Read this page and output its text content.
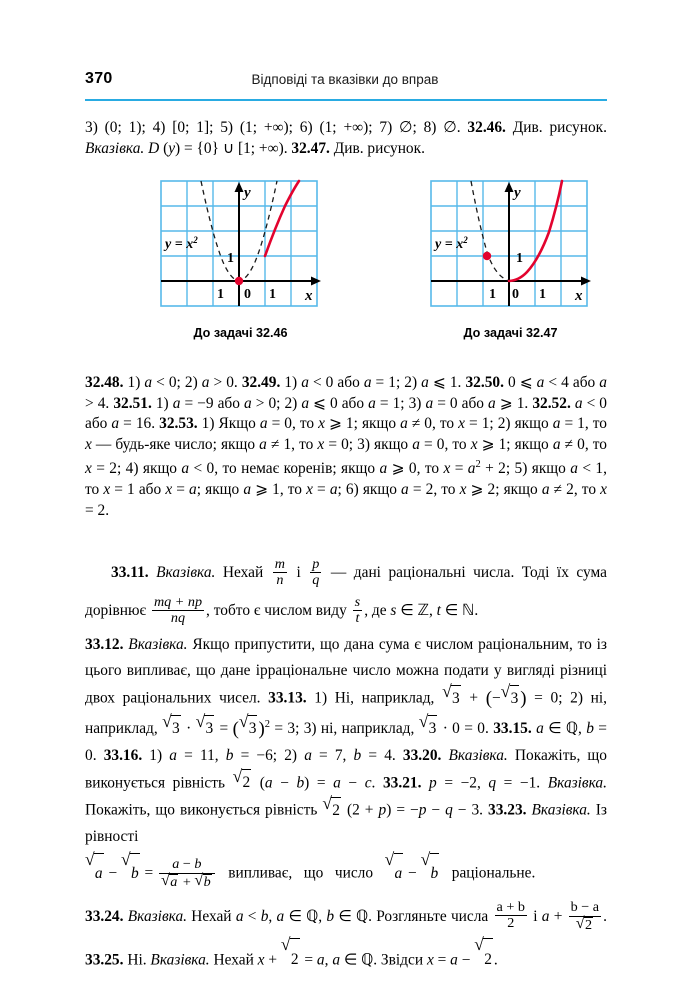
370	Відповіді та вказівки до вправ

3) (0; 1); 4) [0; 1]; 5) (1; +∞); 6) (1; +∞); 7) ∅; 8) ∅. 32.46. Див. рисунок. Вказівка. D (y) = {0} ∪ [1; +∞). 32.47. Див. рисунок.

y
x
0
1	1
1
$y = x^2$
y
x
0
1	1
1
$y = x^2$
До задачі 32.46	До задачі 32.47

32.48. 1) a < 0; 2) a > 0. 32.49. 1) a < 0 або a = 1; 2) a ⩽ 1. 32.50. 0 ⩽ a < 4 або a > 4. 32.51. 1) a = −9 або a > 0; 2) a ⩽ 0 або a = 1; 3) a = 0 або a ⩾ 1. 32.52. a < 0 або a = 16. 32.53. 1) Якщо a = 0, то x ⩾ 1; якщо a ≠ 0, то x = 1; 2) якщо a = 1, то x — будь-яке число; якщо a ≠ 1, то x = 0; 3) якщо a = 0, то x ⩾ 1; якщо a ≠ 0, то x = 2; 4) якщо a < 0, то немає коренів; якщо a ⩾ 0, то $x = a^2 + 2$; 5) якщо a < 1, то x = 1 або x = a; якщо a ⩾ 1, то x = a; 6) якщо a = 2, то x ⩾ 2; якщо a ≠ 2, то x = 2.

33.11. Вказівка. Нехай $\frac{m}{n}$ і $\frac{p}{q}$ — дані раціональні числа. Тоді їх сума дорівнює $\frac{mq + np}{nq}$ , тобто є числом виду $\frac{s}{t}$ , де s ∈ ℤ, t ∈ ℕ.

33.12. Вказівка. Якщо припустити, що дана сума є числом раціональним, то із цього випливає, що дане ірраціональне число можна подати у вигляді різниці двох раціональних чисел. 33.13. 1) Ні, наприклад, √ 3 + (− √ 3 ) = 0; 2) ні, наприклад, √ 3 · √ 3 = ( √ 3 )$^2$ = 3; 3) ні, наприклад, √ 3 · 0 = 0. 33.15. a ∈ ℚ, b = 0. 33.16. 1) a = 11, b = −6; 2) a = 7, b = 4. 33.20. Вказівка. Покажіть, що виконується рівність √ 2 (a − b) = a − c. 33.21. p = −2, q = −1. Вказівка. Покажіть, що виконується рівність √ 2 (2 + p) = −p − q − 3. 33.23. Вказівка. Із рівності

√
a −
√
$b = \frac{a - b}{√ a + √ b}$ випливає,   що   число
√
a −
√
b   раціональне.

33.24. Вказівка. Нехай a < b, a ∈ ℚ, b ∈ ℚ. Розгляньте числа $\frac{a + b}{2}$ і $a + \frac{b - a}{√ 2}$ . 33.25. Ні. Вказівка. Нехай x +
√
2 = a, a ∈ ℚ. Звідси x = a −
√
2 .
